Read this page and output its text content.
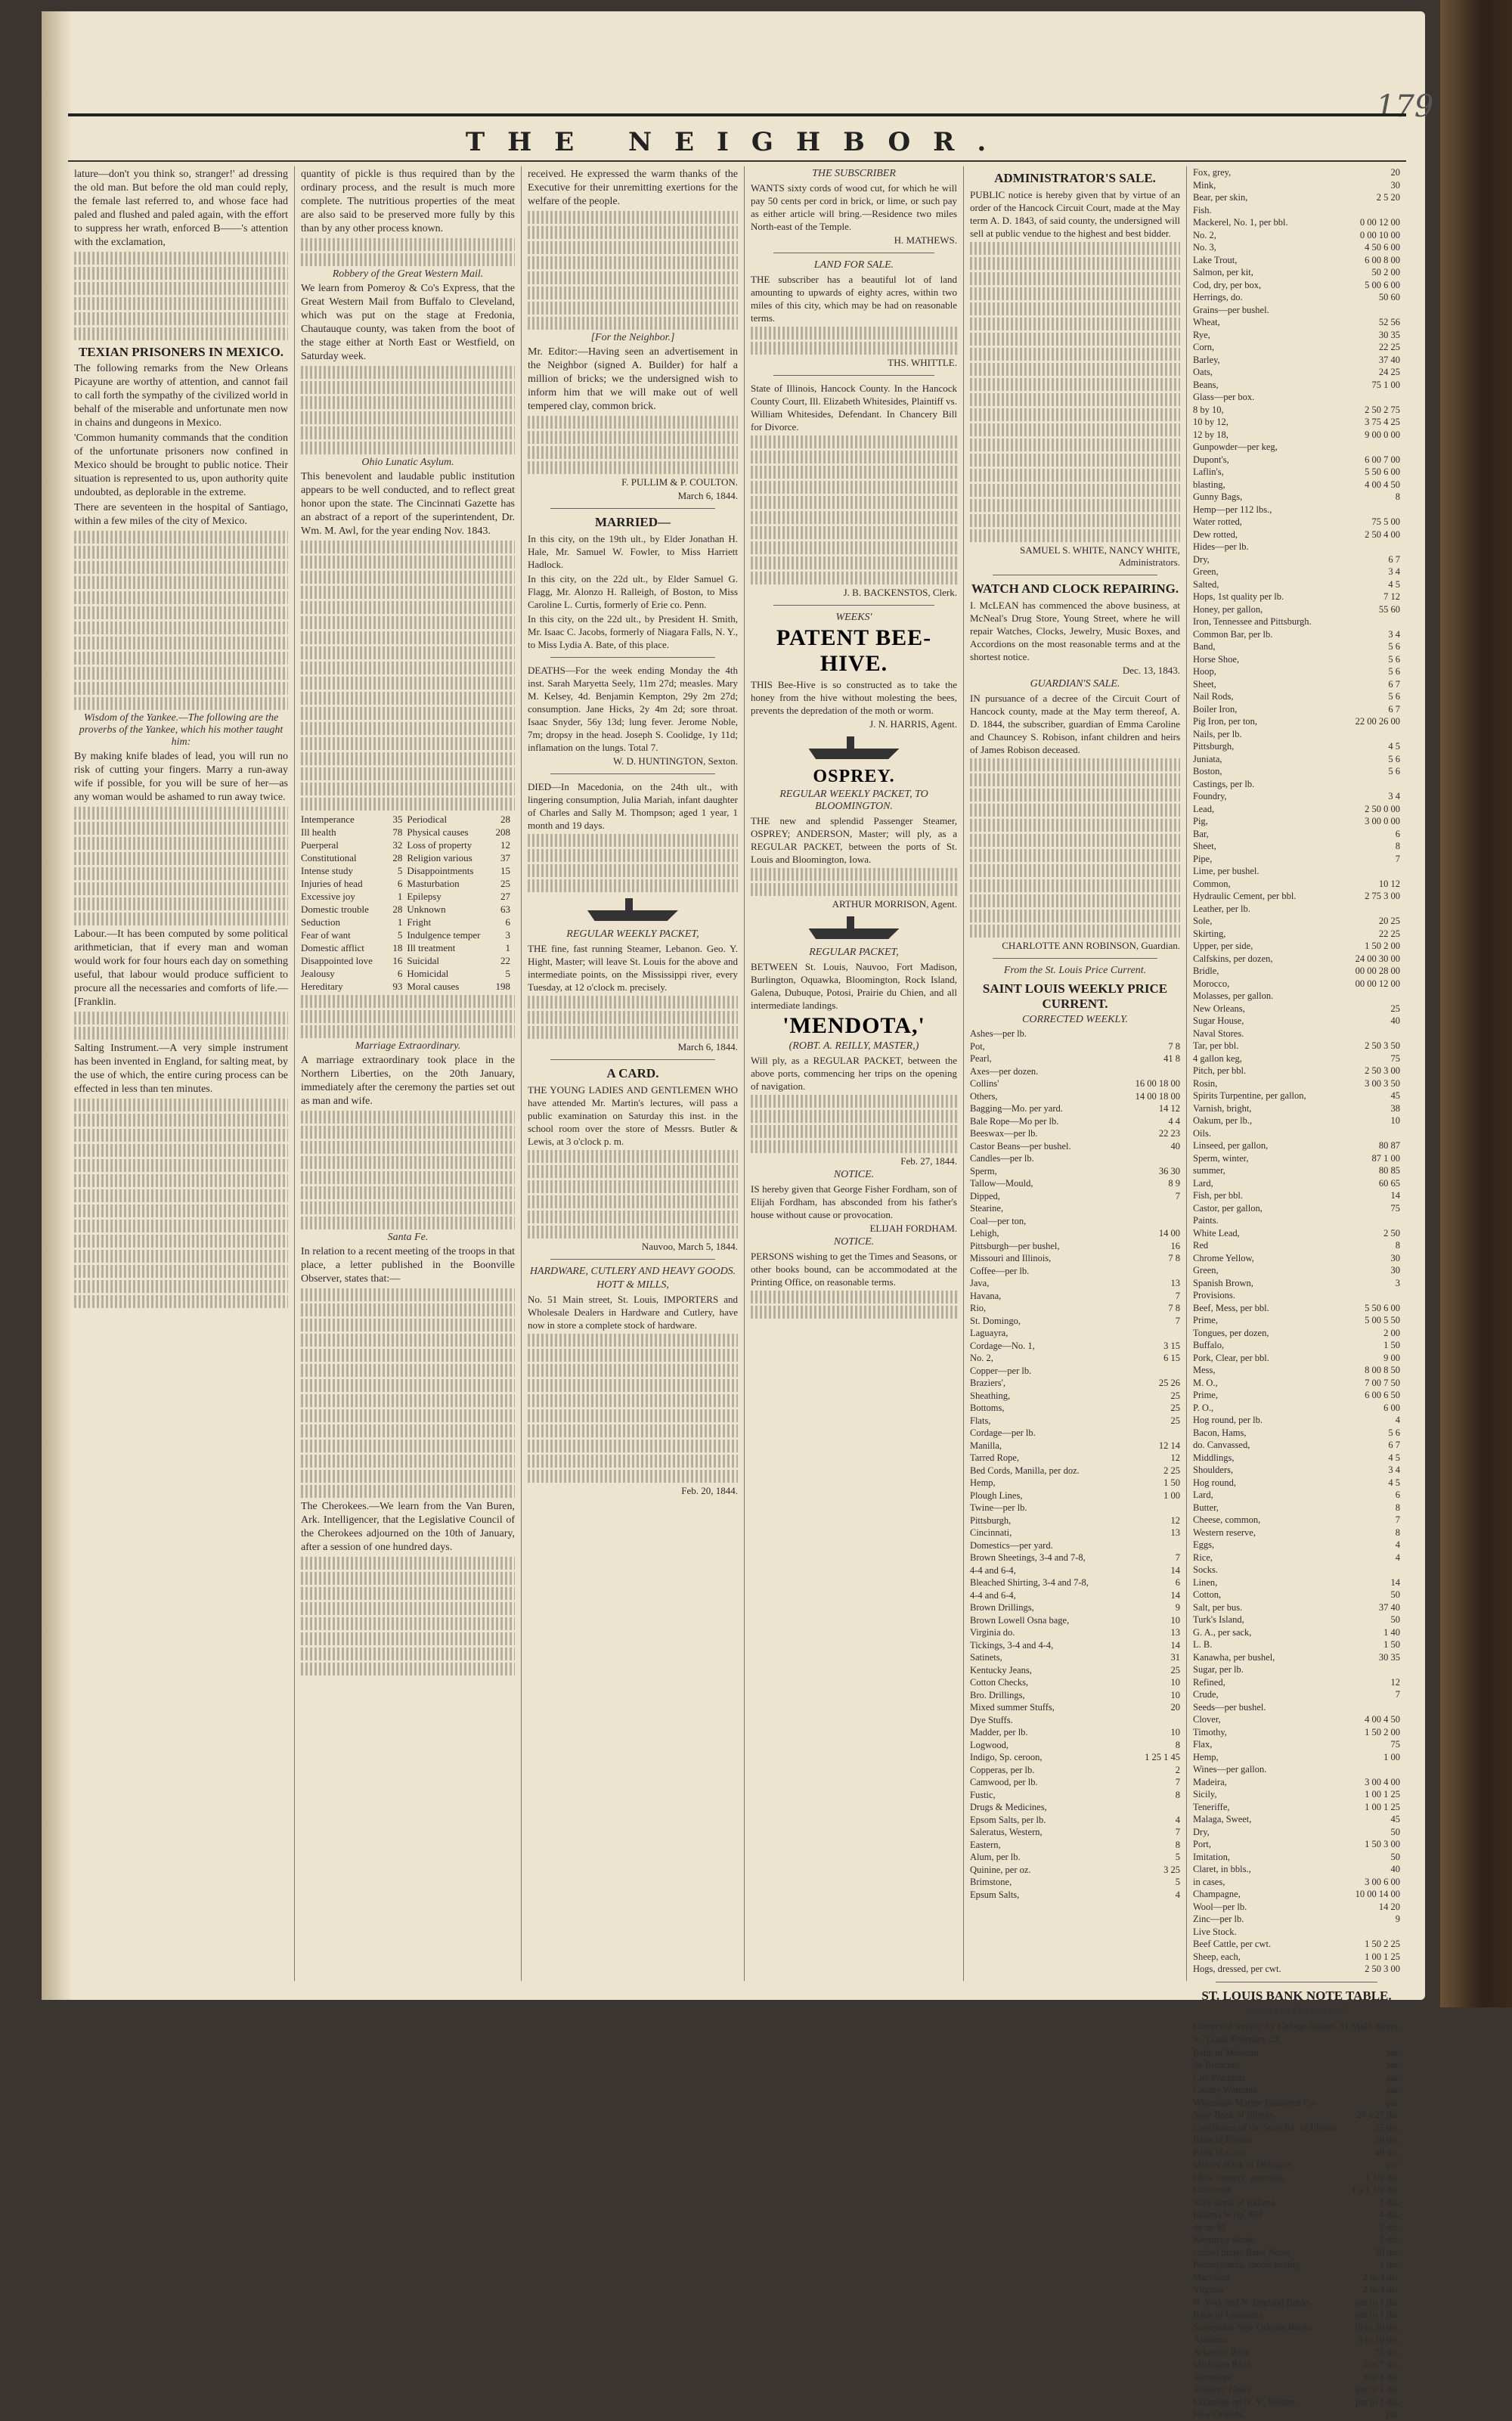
179
THE NEIGHBOR.

lature—don't you think so, stranger!' ad dressing the old man. But before the old man could reply, the female last referred to, and whose face had paled and flushed and paled again, with the effort to suppress her wrath, enforced B——'s attention with the exclamation,

TEXIAN PRISONERS IN MEXICO.

The following remarks from the New Orleans Picayune are worthy of attention, and cannot fail to call forth the sympathy of the civilized world in behalf of the miserable and unfortunate men now in chains and dungeons in Mexico.

'Common humanity commands that the condition of the unfortunate prisoners now confined in Mexico should be brought to public notice. Their situation is represented to us, upon authority quite undoubted, as deplorable in the extreme.

There are seventeen in the hospital of Santiago, within a few miles of the city of Mexico.

Wisdom of the Yankee.—The following are the proverbs of the Yankee, which his mother taught him:

By making knife blades of lead, you will run no risk of cutting your fingers. Marry a run-away wife if possible, for you will be sure of her—as any woman would be ashamed to run away twice.

Labour.—It has been computed by some political arithmetician, that if every man and woman would work for four hours each day on something useful, that labour would produce sufficient to procure all the necessaries and comforts of life.—[Franklin.

Salting Instrument.—A very simple instrument has been invented in England, for salting meat, by the use of which, the entire curing process can be effected in less than ten minutes.

quantity of pickle is thus required than by the ordinary process, and the result is much more complete. The nutritious properties of the meat are also said to be preserved more fully by this than by any other process known.

Robbery of the Great Western Mail.

We learn from Pomeroy & Co's Express, that the Great Western Mail from Buffalo to Cleveland, which was put on the stage at Fredonia, Chautauque county, was taken from the boot of the stage either at North East or Westfield, on Saturday week.

Ohio Lunatic Asylum.

This benevolent and laudable public institution appears to be well conducted, and to reflect great honor upon the state. The Cincinnati Gazette has an abstract of a report of the superintendent, Dr. Wm. M. Awl, for the year ending Nov. 1843.

Intemperance	35	Periodical	28
Ill health	78	Physical causes	208
Puerperal	32	Loss of property	12
Constitutional	28	Religion various	37
Intense study	5	Disappointments	15
Injuries of head	6	Masturbation	25
Excessive joy	1	Epilepsy	27
Domestic trouble	28	Unknown	63
Seduction	1	Fright	6
Fear of want	5	Indulgence temper	3
Domestic afflict	18	Ill treatment	1
Disappointed love	16	Suicidal	22
Jealousy	6	Homicidal	5
Hereditary	93	Moral causes	198
Marriage Extraordinary.

A marriage extraordinary took place in the Northern Liberties, on the 20th January, immediately after the ceremony the parties set out as man and wife.

Santa Fe.

In relation to a recent meeting of the troops in that place, a letter published in the Boonville Observer, states that:—

The Cherokees.—We learn from the Van Buren, Ark. Intelligencer, that the Legislative Council of the Cherokees adjourned on the 10th of January, after a session of one hundred days.

received. He expressed the warm thanks of the Executive for their unremitting exertions for the welfare of the people.

[For the Neighbor.]

Mr. Editor:—Having seen an advertisement in the Neighbor (signed A. Builder) for half a million of bricks; we the undersigned wish to inform him that we will make out of well tempered clay, common brick.

F. PULLIM & P. COULTON.
March 6, 1844.
MARRIED—

In this city, on the 19th ult., by Elder Jonathan H. Hale, Mr. Samuel W. Fowler, to Miss Harriett Hadlock.

In this city, on the 22d ult., by Elder Samuel G. Flagg, Mr. Alonzo H. Ralleigh, of Boston, to Miss Caroline L. Curtis, formerly of Erie co. Penn.

In this city, on the 22d ult., by President H. Smith, Mr. Isaac C. Jacobs, formerly of Niagara Falls, N. Y., to Miss Lydia A. Bate, of this place.

DEATHS—For the week ending Monday the 4th inst. Sarah Maryetta Seely, 11m 27d; measles. Mary M. Kelsey, 4d. Benjamin Kempton, 29y 2m 27d; consumption. Jane Hicks, 2y 4m 2d; sore throat. Isaac Snyder, 56y 13d; lung fever. Jerome Noble, 7m; dropsy in the head. Joseph S. Coolidge, 1y 11d; inflamation on the lungs. Total 7.

W. D. HUNTINGTON, Sexton.

DIED—In Macedonia, on the 24th ult., with lingering consumption, Julia Mariah, infant daughter of Charles and Sally M. Thompson; aged 1 year, 1 month and 19 days.

REGULAR WEEKLY PACKET,

THE fine, fast running Steamer, Lebanon. Geo. Y. Hight, Master; will leave St. Louis for the above and intermediate points, on the Mississippi river, every Tuesday, at 12 o'clock m. precisely.

March 6, 1844.
A CARD.

THE YOUNG LADIES AND GENTLEMEN WHO have attended Mr. Martin's lectures, will pass a public examination on Saturday this inst. in the school room over the store of Messrs. Butler & Lewis, at 3 o'clock p. m.

Nauvoo, March 5, 1844.
HARDWARE, CUTLERY AND HEAVY GOODS.
HOTT & MILLS,

No. 51 Main street, St. Louis, IMPORTERS and Wholesale Dealers in Hardware and Cutlery, have now in store a complete stock of hardware.

Feb. 20, 1844.
THE SUBSCRIBER

WANTS sixty cords of wood cut, for which he will pay 50 cents per cord in brick, or lime, or such pay as either article will bring.—Residence two miles North-east of the Temple.

H. MATHEWS.
LAND FOR SALE.

THE subscriber has a beautiful lot of land amounting to upwards of eighty acres, within two miles of this city, which may be had on reasonable terms.

THS. WHITTLE.

State of Illinois, Hancock County. In the Hancock County Court, Ill. Elizabeth Whitesides, Plaintiff vs. William Whitesides, Defendant. In Chancery Bill for Divorce.

J. B. BACKENSTOS, Clerk.
WEEKS'
PATENT BEE-HIVE.

THIS Bee-Hive is so constructed as to take the honey from the hive without molesting the bees, prevents the depredation of the moth or worm.

J. N. HARRIS, Agent.
OSPREY.
REGULAR WEEKLY PACKET, TO BLOOMINGTON.

THE new and splendid Passenger Steamer, OSPREY; ANDERSON, Master; will ply, as a REGULAR PACKET, between the ports of St. Louis and Bloomington, Iowa.

ARTHUR MORRISON, Agent.
REGULAR PACKET,

BETWEEN St. Louis, Nauvoo, Fort Madison, Burlington, Oquawka, Bloomington, Rock Island, Galena, Dubuque, Potosi, Prairie du Chien, and all intermediate landings.

'MENDOTA,'
(ROBT. A. REILLY, MASTER,)

Will ply, as a REGULAR PACKET, between the above ports, commencing her trips on the opening of navigation.

Feb. 27, 1844.
NOTICE.

IS hereby given that George Fisher Fordham, son of Elijah Fordham, has absconded from his father's house without cause or provocation.

ELIJAH FORDHAM.
NOTICE.

PERSONS wishing to get the Times and Seasons, or other books bound, can be accommodated at the Printing Office, on reasonable terms.

ADMINISTRATOR'S SALE.

PUBLIC notice is hereby given that by virtue of an order of the Hancock Circuit Court, made at the May term A. D. 1843, of said county, the undersigned will sell at public vendue to the highest and best bidder.

SAMUEL S. WHITE, NANCY WHITE, Administrators.
WATCH AND CLOCK REPAIRING.

I. McLEAN has commenced the above business, at McNeal's Drug Store, Young Street, where he will repair Watches, Clocks, Jewelry, Music Boxes, and Accordions on the most reasonable terms and at the shortest notice.

Dec. 13, 1843.
GUARDIAN'S SALE.

IN pursuance of a decree of the Circuit Court of Hancock county, made at the May term thereof, A. D. 1844, the subscriber, guardian of Emma Caroline and Chauncey S. Robison, infant children and heirs of James Robison deceased.

CHARLOTTE ANN ROBINSON, Guardian.
From the St. Louis Price Current.
SAINT LOUIS WEEKLY PRICE CURRENT.
CORRECTED WEEKLY.
Ashes—per lb.
Pot,	7 8
Pearl,	41 8
Axes—per dozen.
Collins'	16 00 18 00
Others,	14 00 18 00
Bagging—Mo. per yard.	14 12
Bale Rope—Mo per lb.	4 4
Beeswax—per lb.	22 23
Castor Beans—per bushel.	40
Candles—per lb.
Sperm,	36 30
Tallow—Mould,	8 9
Dipped,	7
Stearine,
Coal—per ton,
Lehigh,	14 00
Pittsburgh—per bushel,	16
Missouri and Illinois,	7 8
Coffee—per lb.
Java,	13
Havana,	7
Rio,	7 8
St. Domingo,	7
Laguayra,
Cordage—No. 1,	3 15
No. 2,	6 15
Copper—per lb.
Braziers',	25 26
Sheathing,	25
Bottoms,	25
Flats,	25
Cordage—per lb.
Manilla,	12 14
Tarred Rope,	12
Bed Cords, Manilla, per doz.	2 25
Hemp,	1 50
Plough Lines,	1 00
Twine—per lb.
Pittsburgh,	12
Cincinnati,	13
Domestics—per yard.
Brown Sheetings, 3-4 and 7-8,	7
4-4 and 6-4,	14
Bleached Shirting, 3-4 and 7-8,	6
4-4 and 6-4,	14
Brown Drillings,	9
Brown Lowell Osna bage,	10
Virginia do.	13
Tickings, 3-4 and 4-4,	14
Satinets,	31
Kentucky Jeans,	25
Cotton Checks,	10
Bro. Drillings,	10
Mixed summer Stuffs,	20
Dye Stuffs.
Madder, per lb.	10
Logwood,	8
Indigo, Sp. ceroon,	1 25 1 45
Copperas, per lb.	2
Camwood, per lb.	7
Fustic,	8
Drugs & Medicines,
Epsom Salts, per lb.	4
Saleratus, Western,	7
Eastern,	8
Alum, per lb.	5
Quinine, per oz.	3 25
Brimstone,	5
Epsum Salts,	4
Fox, grey,	20
Mink,	30
Bear, per skin,	2 5 20
Fish.
Mackerel, No. 1, per bbl.	0 00 12 00
No. 2,	0 00 10 00
No. 3,	4 50 6 00
Lake Trout,	6 00 8 00
Salmon, per kit,	50 2 00
Cod, dry, per box,	5 00 6 00
Herrings, do.	50 60
Grains—per bushel.
Wheat,	52 56
Rye,	30 35
Corn,	22 25
Barley,	37 40
Oats,	24 25
Beans,	75 1 00
Glass—per box.
8 by 10,	2 50 2 75
10 by 12,	3 75 4 25
12 by 18,	9 00 0 00
Gunpowder—per keg,
Dupont's,	6 00 7 00
Laflin's,	5 50 6 00
blasting,	4 00 4 50
Gunny Bags,	8
Hemp—per 112 lbs.,
Water rotted,	75 5 00
Dew rotted,	2 50 4 00
Hides—per lb.
Dry,	6 7
Green,	3 4
Salted,	4 5
Hops, 1st quality per lb.	7 12
Honey, per gallon,	55 60
Iron, Tennessee and Pittsburgh.
Common Bar, per lb.	3 4
Band,	5 6
Horse Shoe,	5 6
Hoop,	5 6
Sheet,	6 7
Nail Rods,	5 6
Boiler Iron,	6 7
Pig Iron, per ton,	22 00 26 00
Nails, per lb.
Pittsburgh,	4 5
Juniata,	5 6
Boston,	5 6
Castings, per lb.
Foundry,	3 4
Lead,	2 50 0 00
Pig,	3 00 0 00
Bar,	6
Sheet,	8
Pipe,	7
Lime, per bushel.
Common,	10 12
Hydraulic Cement, per bbl.	2 75 3 00
Leather, per lb.
Sole,	20 25
Skirting,	22 25
Upper, per side,	1 50 2 00
Calfskins, per dozen,	24 00 30 00
Bridle,	00 00 28 00
Morocco,	00 00 12 00
Molasses, per gallon.
New Orleans,	25
Sugar House,	40
Naval Stores.
Tar, per bbl.	2 50 3 50
4 gallon keg,	75
Pitch, per bbl.	2 50 3 00
Rosin,	3 00 3 50
Spirits Turpentine, per gallon,	45
Varnish, bright,	38
Oakum, per lb.,	10
Oils.
Linseed, per gallon,	80 87
Sperm, winter,	87 1 00
summer,	80 85
Lard,	60 65
Fish, per bbl.	14
Castor, per gallon,	75
Paints.
White Lead,	2 50
Red	8
Chrome Yellow,	30
Green,	30
Spanish Brown,	3
Provisions.
Beef, Mess, per bbl.	5 50 6 00
Prime,	5 00 5 50
Tongues, per dozen,	2 00
Buffalo,	1 50
Pork, Clear, per bbl.	9 00
Mess,	8 00 8 50
M. O.,	7 00 7 50
Prime,	6 00 6 50
P. O.,	6 00
Hog round, per lb.	4
Bacon, Hams,	5 6
do. Canvassed,	6 7
Middlings,	4 5
Shoulders,	3 4
Hog round,	4 5
Lard,	6
Butter,	8
Cheese, common,	7
Western reserve,	8
Eggs,	4
Rice,	4
Socks.
Linen,	14
Cotton,	50
Salt, per bus.	37 40
Turk's Island,	50
G. A., per sack,	1 40
L. B.	1 50
Kanawha, per bushel,	30 35
Sugar, per lb.
Refined,	12
Crude,	7
Seeds—per bushel.
Clover,	4 00 4 50
Timothy,	1 50 2 00
Flax,	75
Hemp,	1 00
Wines—per gallon.
Madeira,	3 00 4 00
Sicily,	1 00 1 25
Teneriffe,	1 00 1 25
Malaga, Sweet,	45
Dry,	50
Port,	1 50 3 00
Imitation,	50
Claret, in bbls.,	40
in cases,	3 00 6 00
Champagne,	10 00 14 00
Wool—per lb.	14 20
Zinc—per lb.	9
Live Stock.
Beef Cattle, per cwt.	1 50 2 25
Sheep, each,	1 00 1 25
Hogs, dressed, per cwt.	2 50 3 00
ST. LOUIS BANK NOTE TABLE.
BASED UPON SPECIE.

Corrected weekly by George Anson, 31 Main Street. St. Louis February 23.

Bank of Missouri	par.
do Branches	par.
City Warrants	par.
County Warrants	par.
Wisconsin Marine Insurance Co.	par.
State Bank of Illinois	25 a 27 dis.
Certificates of the State Bk. of Illinois	25 dis.
Bank of Illinois	28 dis.
Bank of Cairo	40 dis.
Miners' Bank of Dubuque	par.
Ohio, country, generally	1 1/2 dis.
Cincinnati	1 a 1 1/2 dis.
State Bank of Indiana	1 dis.
Indiana Scrip, $50	4 dis.
do do $5	5 dis.
Kentucky Banks	1 dis.
United States Bank Notes	30 dis.
Pennsylvania, specie paying	1 dis.
Maryland	2 to 3 dis.
Virginia	2 to 3 dis.
N. York and N. England Banks	par to 1 dis.
Bank of Louisiana	par to 1 dis.
Suspended New Orleans Banks	10 to 30 dis.
Alabama	8 to 10 dis.
Arkansas Bank	75 dis.
Michigan Bank	5 to 7 dis.
Tennessee	3 to 4 dis.
Treasury Notes	par to 1 dis.
Exchange on N. Y., Boston,	par to 1 dis.
New Orleans,	par.
